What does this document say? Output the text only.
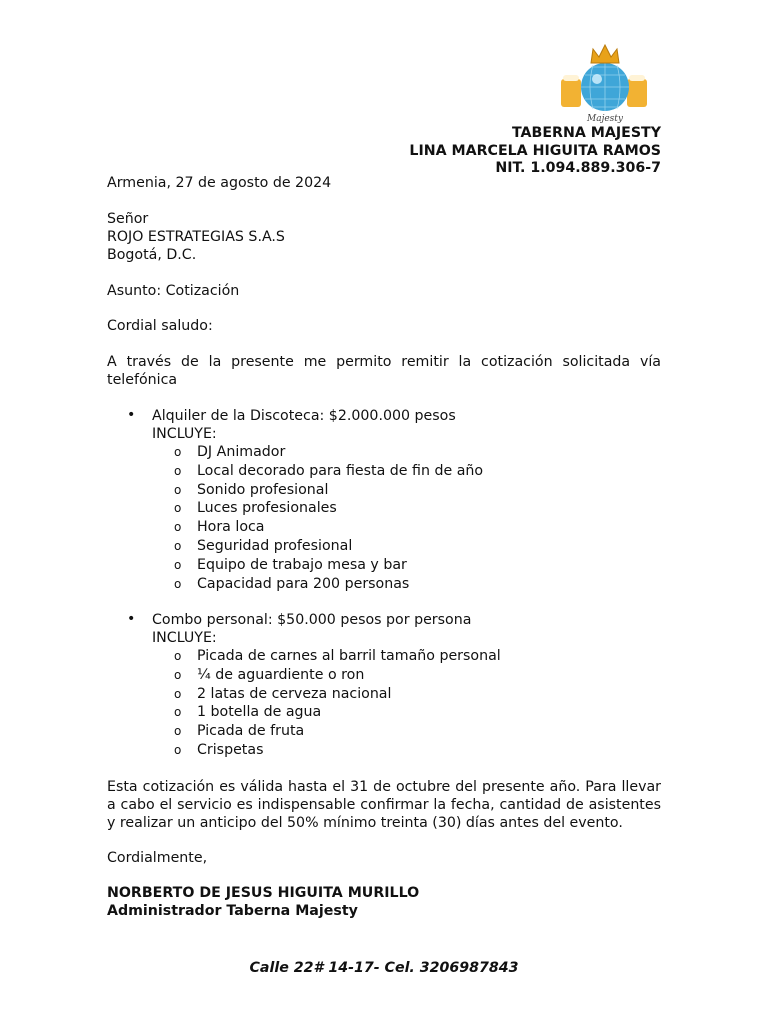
Majesty
TABERNA MAJESTY
LINA MARCELA HIGUITA RAMOS
NIT. 1.094.889.306-7
Armenia, 27 de agosto de 2024
Señor
ROJO ESTRATEGIAS S.A.S
Bogotá, D.C.
Asunto: Cotización
Cordial saludo:
A través de la presente me permito remitir la cotización solicitada vía telefónica
• Alquiler de la Discoteca: $2.000.000 pesos
INCLUYE:
o DJ Animador
o Local decorado para fiesta de fin de año
o Sonido profesional
o Luces profesionales
o Hora loca
o Seguridad profesional
o Equipo de trabajo mesa y bar
o Capacidad para 200 personas
• Combo personal: $50.000 pesos por persona
INCLUYE:
o Picada de carnes al barril tamaño personal
o ¼ de aguardiente o ron
o 2 latas de cerveza nacional
o 1 botella de agua
o Picada de fruta
o Crispetas
Esta cotización es válida hasta el 31 de octubre del presente año. Para llevar a cabo el servicio es indispensable confirmar la fecha, cantidad de asistentes y realizar un anticipo del 50% mínimo treinta (30) días antes del evento.
Cordialmente,
NORBERTO DE JESUS HIGUITA MURILLO
Administrador Taberna Majesty
Calle 22# 14-17- Cel. 3206987843
